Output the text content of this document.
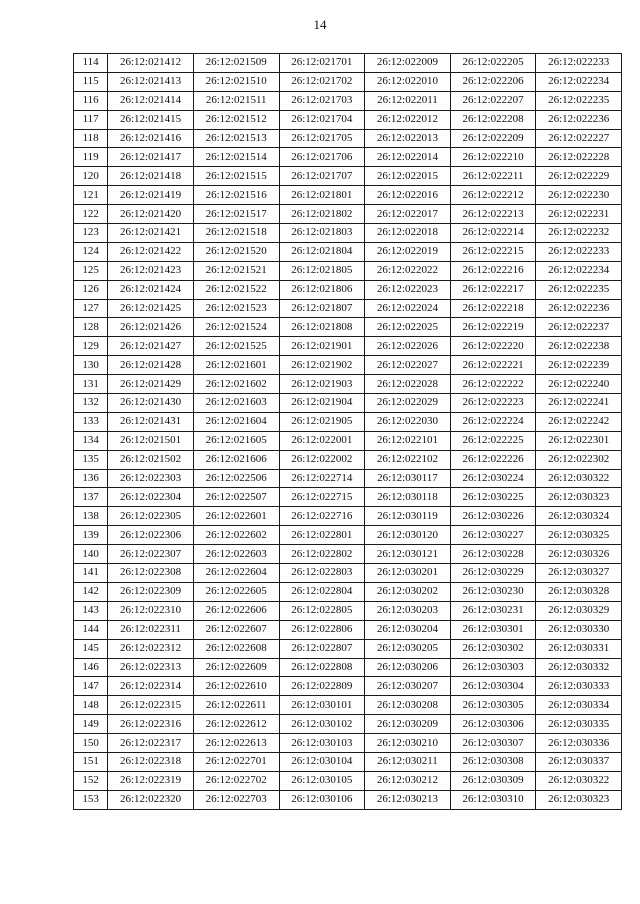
14
114	26:12:021412	26:12:021509	26:12:021701	26:12:022009	26:12:022205	26:12:022233
115	26:12:021413	26:12:021510	26:12:021702	26:12:022010	26:12:022206	26:12:022234
116	26:12:021414	26:12:021511	26:12:021703	26:12:022011	26:12:022207	26:12:022235
117	26:12:021415	26:12:021512	26:12:021704	26:12:022012	26:12:022208	26:12:022236
118	26:12:021416	26:12:021513	26:12:021705	26:12:022013	26:12:022209	26:12:022227
119	26:12:021417	26:12:021514	26:12:021706	26:12:022014	26:12:022210	26:12:022228
120	26:12:021418	26:12:021515	26:12:021707	26:12:022015	26:12:022211	26:12:022229
121	26:12:021419	26:12:021516	26:12:021801	26:12:022016	26:12:022212	26:12:022230
122	26:12:021420	26:12:021517	26:12:021802	26:12:022017	26:12:022213	26:12:022231
123	26:12:021421	26:12:021518	26:12:021803	26:12:022018	26:12:022214	26:12:022232
124	26:12:021422	26:12:021520	26:12:021804	26:12:022019	26:12:022215	26:12:022233
125	26:12:021423	26:12:021521	26:12:021805	26:12:022022	26:12:022216	26:12:022234
126	26:12:021424	26:12:021522	26:12:021806	26:12:022023	26:12:022217	26:12:022235
127	26:12:021425	26:12:021523	26:12:021807	26:12:022024	26:12:022218	26:12:022236
128	26:12:021426	26:12:021524	26:12:021808	26:12:022025	26:12:022219	26:12:022237
129	26:12:021427	26:12:021525	26:12:021901	26:12:022026	26:12:022220	26:12:022238
130	26:12:021428	26:12:021601	26:12:021902	26:12:022027	26:12:022221	26:12:022239
131	26:12:021429	26:12:021602	26:12:021903	26:12:022028	26:12:022222	26:12:022240
132	26:12:021430	26:12:021603	26:12:021904	26:12:022029	26:12:022223	26:12:022241
133	26:12:021431	26:12:021604	26:12:021905	26:12:022030	26:12:022224	26:12:022242
134	26:12:021501	26:12:021605	26:12:022001	26:12:022101	26:12:022225	26:12:022301
135	26:12:021502	26:12:021606	26:12:022002	26:12:022102	26:12:022226	26:12:022302
136	26:12:022303	26:12:022506	26:12:022714	26:12:030117	26:12:030224	26:12:030322
137	26:12:022304	26:12:022507	26:12:022715	26:12:030118	26:12:030225	26:12:030323
138	26:12:022305	26:12:022601	26:12:022716	26:12:030119	26:12:030226	26:12:030324
139	26:12:022306	26:12:022602	26:12:022801	26:12:030120	26:12:030227	26:12:030325
140	26:12:022307	26:12:022603	26:12:022802	26:12:030121	26:12:030228	26:12:030326
141	26:12:022308	26:12:022604	26:12:022803	26:12:030201	26:12:030229	26:12:030327
142	26:12:022309	26:12:022605	26:12:022804	26:12:030202	26:12:030230	26:12:030328
143	26:12:022310	26:12:022606	26:12:022805	26:12:030203	26:12:030231	26:12:030329
144	26:12:022311	26:12:022607	26:12:022806	26:12:030204	26:12:030301	26:12:030330
145	26:12:022312	26:12:022608	26:12:022807	26:12:030205	26:12:030302	26:12:030331
146	26:12:022313	26:12:022609	26:12:022808	26:12:030206	26:12:030303	26:12:030332
147	26:12:022314	26:12:022610	26:12:022809	26:12:030207	26:12:030304	26:12:030333
148	26:12:022315	26:12:022611	26:12:030101	26:12:030208	26:12:030305	26:12:030334
149	26:12:022316	26:12:022612	26:12:030102	26:12:030209	26:12:030306	26:12:030335
150	26:12:022317	26:12:022613	26:12:030103	26:12:030210	26:12:030307	26:12:030336
151	26:12:022318	26:12:022701	26:12:030104	26:12:030211	26:12:030308	26:12:030337
152	26:12:022319	26:12:022702	26:12:030105	26:12:030212	26:12:030309	26:12:030322
153	26:12:022320	26:12:022703	26:12:030106	26:12:030213	26:12:030310	26:12:030323
